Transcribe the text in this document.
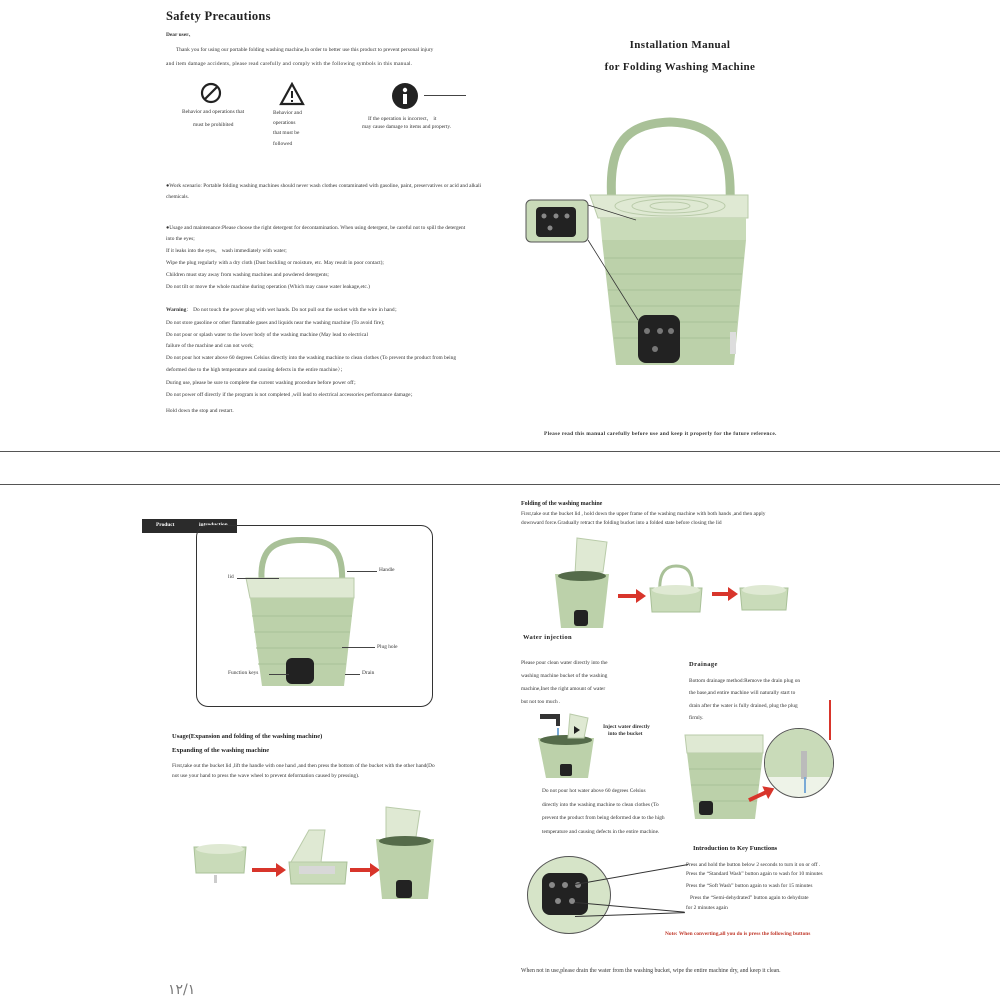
Safety Precautions
Dear user、
Thank you for using our portable folding washing machine,In order to better use this product to prevent personal injury
and item damage accidents, please read carefully and comply with the following symbols in this manual.
Behavior and operations that
must be prohibited
Behavior and
operations
that must be
followed
If the operation is incorrect， it
may cause damage to items and property.
●Work scenario: Portable folding washing machines should never wash clothes contaminated with gasoline, paint, preservatives or acid and alkali
chemicals.
●Usage and maintenance:Please choose the right detergent for decontamination. When using detergent, be careful not to spill the detergent
into the eyes;
If it leaks into the eyes， wash immediately with water;
Wipe the plug regularly with a dry cloth (Dust buckling or moisture, etc. May result in poor contact);
Children must stay away from washing machines and powdered detergents;
Do not tilt or move the whole machine during operation (Which may cause water leakage,etc.)
Warning： Do not touch the power plug with wet hands. Do not pull out the socket with the wire in hand；
Do not store gasoline or other flammable gases and liquids near the washing machine (To avoid fire);
Do not pour or splash water to the lower body of the washing machine (May lead to electrical
failure of the machine and can not work;
Do not pour hot water above 60 degrees Celsius directly into the washing machine to clean clothes (To prevent the product from being
deformed due to the high temperature and causing defects in the entire machine）；
During use, please be sure to complete the current washing procedure before power off；
Do not power off directly if the program is not completed ,will lead to electrical accessories performance damage；
Hold down the stop and restart.
Installation Manual
for Folding Washing Machine
Please read this manual carefully before use and keep it properly for the future reference.
Product	introduction
lid
Handle
Plug hole
Function keys	Drain
Usage(Expansion and folding of the washing machine)
Expanding of the washing machine
First,take out the bucket lid ,lift the handle with one hand ,and then press the bottom of the bucket with the other hand(Do
not use your hand to press the wave wheel to prevent deformation caused by pressing).
Folding of the washing machine
First,take out the bucket lid , hold down the upper frame of the washing machine with both hands ,and then apply
downward force.Gradually retract the folding bucket into a folded state before closing the lid
Water injection
Please pour clean water directly into the
washing machine bucket of the washing
machine,Inet the right amount of water
but not too much .
Inject water directly
into the bucket
Do not pour hot water above 60 degrees Celsius
directly into the washing machine to clean clothes (To
prevent the product from being deformed due to the high
temperature and causing defects in the entire machine.
Drainage
Bottom drainage method:Remove the drain plug on
the base,and entire machine will naturally start to
drain after the water is fully drained, plug the plug
firmly.
Introduction to Key Functions
Press and hold the button below 2 seconds to turn it on or off .
Press the “Standard Wash” button again to wash for 10 minutes
Press the “Soft Wash” button again to wash for 15 minutes
Press the “Semi-dehydrated” button again to dehydrate
for 2 minutes again
Note: When converting,all you do is press the following buttons
When not in use,please drain the water from the washing bucket, wipe the entire machine dry, and keep it clean.
١٢/١
